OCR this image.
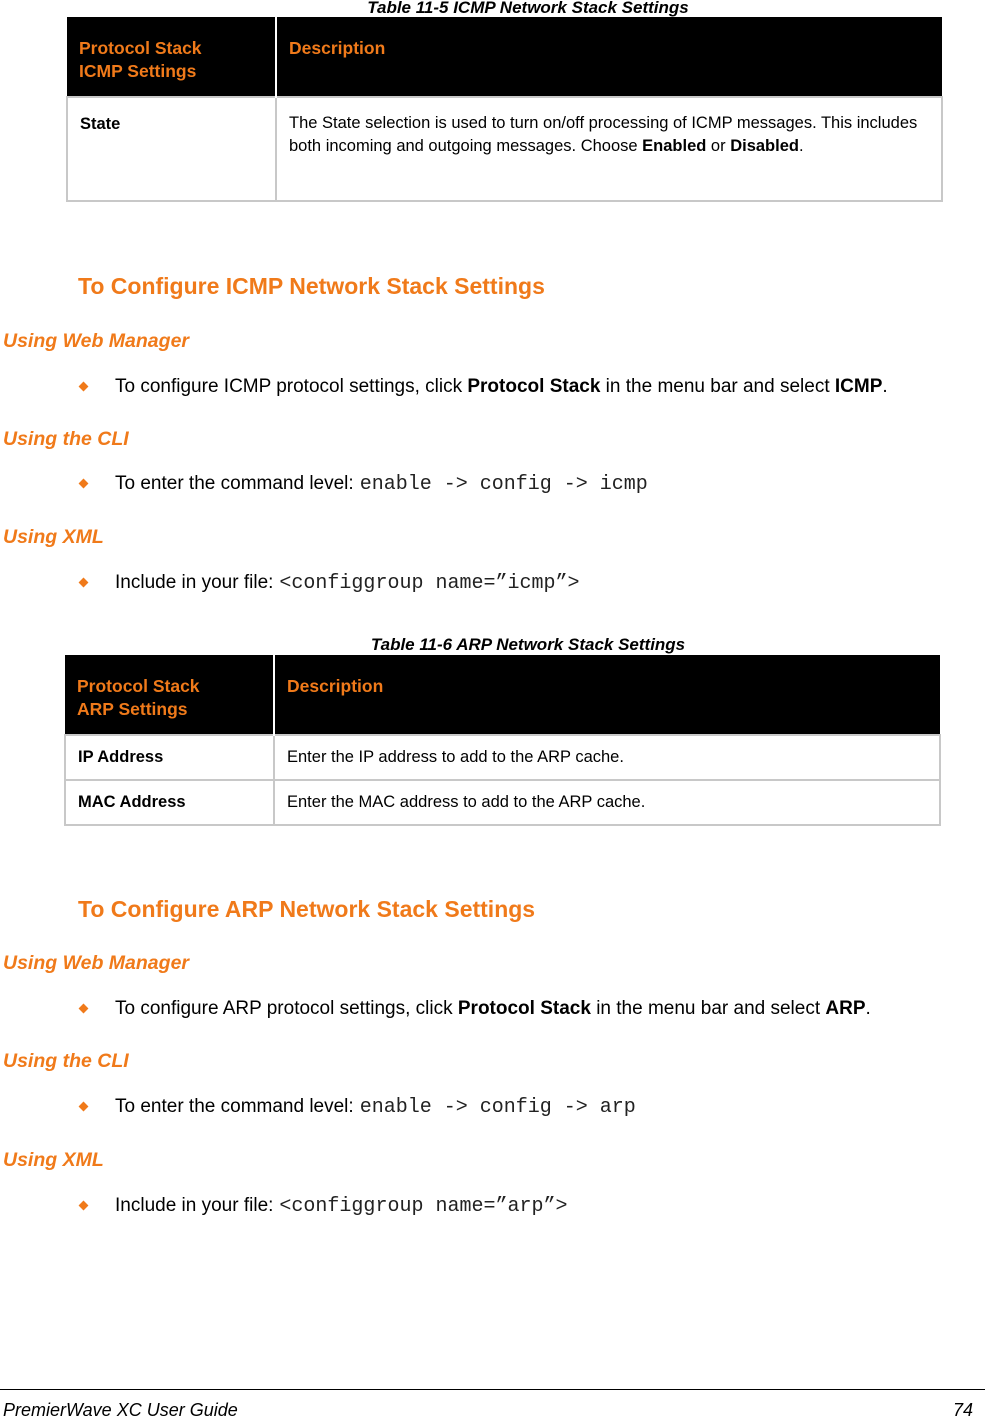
Table 11-5 ICMP Network Stack Settings
Protocol Stack
ICMP Settings	Description
State	The State selection is used to turn on/off processing of ICMP messages. This includes both incoming and outgoing messages. Choose Enabled or Disabled.
To Configure ICMP Network Stack Settings
Using Web Manager
To configure ICMP protocol settings, click Protocol Stack in the menu bar and select ICMP.
Using the CLI
To enter the command level: enable -> config -> icmp
Using XML
Include in your file: <configgroup name=”icmp”>
Table 11-6 ARP Network Stack Settings
Protocol Stack
ARP Settings	Description
IP Address	Enter the IP address to add to the ARP cache.
MAC Address	Enter the MAC address to add to the ARP cache.
To Configure ARP Network Stack Settings
Using Web Manager
To configure ARP protocol settings, click Protocol Stack in the menu bar and select ARP.
Using the CLI
To enter the command level: enable -> config -> arp
Using XML
Include in your file: <configgroup name=”arp”>
PremierWave XC User Guide	74
